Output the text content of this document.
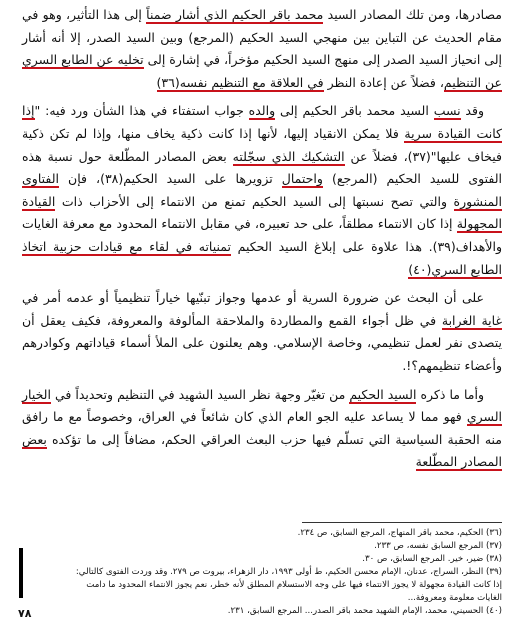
مصادرها، ومن تلك المصادر السيد محمد باقر الحكيم الذي أشار ضمناً إلى هذا التأثير، وهو في مقام الحديث عن التباين بين منهجي السيد الحكيم (المرجع) وبين السيد الصدر، إلا أنه أشار إلى انحياز السيد الصدر إلى منهج السيد الحكيم مؤخراً، في إشارة إلى تخليه عن الطابع السري عن التنظيم، فضلاً عن إعادة النظر في العلاقة مع التنظيم نفسه(٣٦)

وقد نسب السيد محمد باقر الحكيم إلى والده جواب استفتاء في هذا الشأن ورد فيه: "إذا كانت القيادة سرية فلا يمكن الانقياد إليها، لأنها إذا كانت ذكية يخاف منها، وإذا لم تكن ذكية فيخاف عليها"(٣٧)، فضلاً عن التشكيك الذي سجّلته بعض المصادر المطّلعة حول نسبة هذه الفتوى للسيد الحكيم (المرجع) واحتمال تزويرها على السيد الحكيم(٣٨)، فإن الفتاوى المنشورة والتي تصح نسبتها إلى السيد الحكيم تمنع من الانتماء إلى الأحزاب ذات القيادة المجهولة إذا كان الانتماء مطلقاً، على حد تعبيره، في مقابل الانتماء المحدود مع معرفة الغايات والأهداف(٣٩). هذا علاوة على إبلاغ السيد الحكيم تمنياته في لقاء مع قيادات حزبية اتخاذ الطابع السري(٤٠)

على أن البحث عن ضرورة السرية أو عدمها وجواز تبنّيها خياراً تنظيمياً أو عدمه أمر في غاية الغرابة في ظل أجواء القمع والمطاردة والملاحقة المألوفة والمعروفة، فكيف يعقل أن يتصدى نفر لعمل تنظيمي، وخاصة الإسلامي. وهم يعلنون على الملأ أسماء قياداتهم وكوادرهم وأعضاء تنظيمهم؟!.

وأما ما ذكره السيد الحكيم من تغيّر وجهة نظر السيد الشهيد في التنظيم وتحديداً في الخيار السري فهو مما لا يساعد عليه الجو العام الذي كان شائعاً في العراق، وخصوصاً مع ما رافق منه الحقبة السياسية التي تسلّم فيها حزب البعث العراقي الحكم، مضافاً إلى ما تؤكده بعض المصادر المطّلعة

(٣٦) الحكيم، محمد باقر المنهاج، المرجع السابق، ص ٢٣٤.

(٣٧) المرجع السابق نفسه، ص ٢٣٣.

(٣٨) ضير، خير. المرجع السابق، ص ٣٠.

(٣٩) النظر، السراج، عدنان، الإمام محسن الحكيم، ط أولى ١٩٩٣، دار الزهراء، بيروت ص ٢٧٩. وقد وردت الفتوى كالتالي: إذا كانت القيادة مجهولة لا يجوز الانتماء فيها على وجه الاستسلام المطلق لأنه خطر، نعم يجوز الانتماء المحدود ما دامت الغايات معلومة ومعروفة...

(٤٠) الحسيني، محمد، الإمام الشهيد محمد باقر الصدر... المرجع السابق، ٢٣١.

٧٨
